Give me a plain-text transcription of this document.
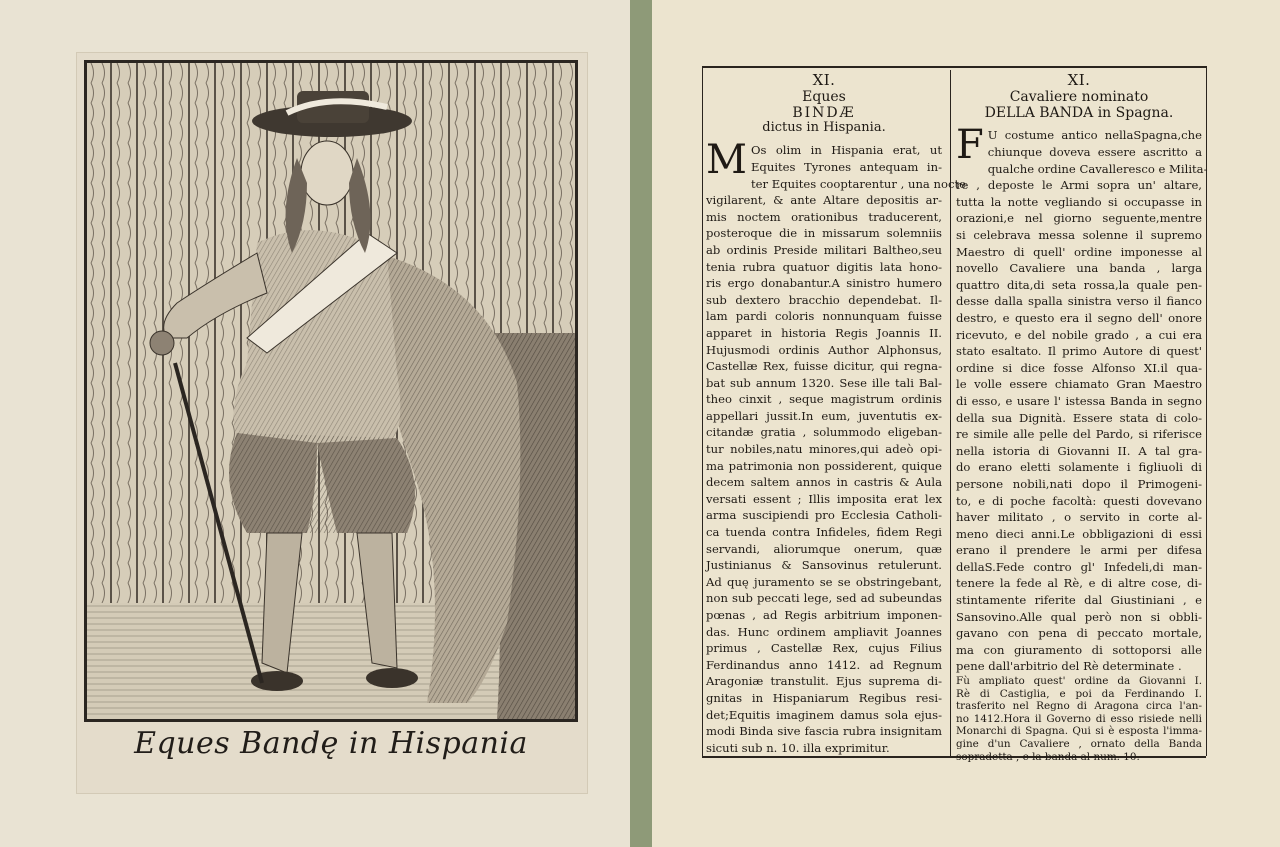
Eques Bandę in Hispania
XI.
Eques
BINDÆ
dictus in Hispania.
M Os olim in Hispania erat, ut
Equites Tyrones antequam in-
ter Equites cooptarentur , una nocte
vigilarent, & ante Altare depositis ar-
mis noctem orationibus traducerent,
posteroque die in missarum solemniis
ab ordinis Preside militari Baltheo,seu
tenia rubra quatuor digitis lata hono-
ris ergo donabantur.A sinistro humero
sub dextero bracchio dependebat. Il-
lam pardi coloris nonnunquam fuisse
apparet in historia Regis Joannis II.
Hujusmodi ordinis Author Alphonsus,
Castellæ Rex, fuisse dicitur, qui regna-
bat sub annum 1320. Sese ille tali Bal-
theo cinxit , seque magistrum ordinis
appellari jussit.In eum, juventutis ex-
citandæ gratia , solummodo eligeban-
tur nobiles,natu minores,qui adeò opi-
ma patrimonia non possiderent, quique
decem saltem annos in castris & Aula
versati essent ; Illis imposita erat lex
arma suscipiendi pro Ecclesia Catholi-
ca tuenda contra Infideles, fidem Regi
servandi, aliorumque onerum, quæ
Justinianus & Sansovinus retulerunt.
Ad quę juramento se se obstringebant,
non sub peccati lege, sed ad subeundas
pœnas , ad Regis arbitrium imponen-
das. Hunc ordinem ampliavit Joannes
primus , Castellæ Rex, cujus Filius
Ferdinandus anno 1412. ad Regnum
Aragoniæ transtulit. Ejus suprema di-
gnitas in Hispaniarum Regibus resi-
det;Equitis imaginem damus sola ejus-
modi Binda sive fascia rubra insignitam
sicuti sub n. 10. illa exprimitur.
XI.
Cavaliere nominato
DELLA BANDA in Spagna.
F U costume antico nellaSpagna,che
chiunque doveva essere ascritto a
qualche ordine Cavalleresco e Milita-
re , deposte le Armi sopra un' altare,
tutta la notte vegliando si occupasse in
orazioni,e nel giorno seguente,mentre
si celebrava messa solenne il supremo
Maestro di quell' ordine imponesse al
novello Cavaliere una banda , larga
quattro dita,di seta rossa,la quale pen-
desse dalla spalla sinistra verso il fianco
destro, e questo era il segno dell' onore
ricevuto, e del nobile grado , a cui era
stato esaltato. Il primo Autore di quest'
ordine si dice fosse Alfonso XI.il qua-
le volle essere chiamato Gran Maestro
di esso, e usare l' istessa Banda in segno
della sua Dignità. Essere stata di colo-
re simile alle pelle del Pardo, si riferisce
nella istoria di Giovanni II. A tal gra-
do erano eletti solamente i figliuoli di
persone nobili,nati dopo il Primogeni-
to, e di poche facoltà: questi dovevano
haver militato , o servito in corte al-
meno dieci anni.Le obbligazioni di essi
erano il prendere le armi per difesa
dellaS.Fede contro gl' Infedeli,di man-
tenere la fede al Rè, e di altre cose, di-
stintamente riferite dal Giustiniani , e
Sansovino.Alle qual però non si obbli-
gavano con pena di peccato mortale,
ma con giuramento di sottoporsi alle
pene dall'arbitrio del Rè determinate .
Fù ampliato quest' ordine da Giovanni I.
Rè di Castiglia, e poi da Ferdinando I.
trasferito nel Regno di Aragona circa l'an-
no 1412.Hora il Governo di esso risiede nelli
Monarchi di Spagna. Qui si è esposta l'imma-
gine d'un Cavaliere , ornato della Banda
sopradetta , e la banda al num. 10.
